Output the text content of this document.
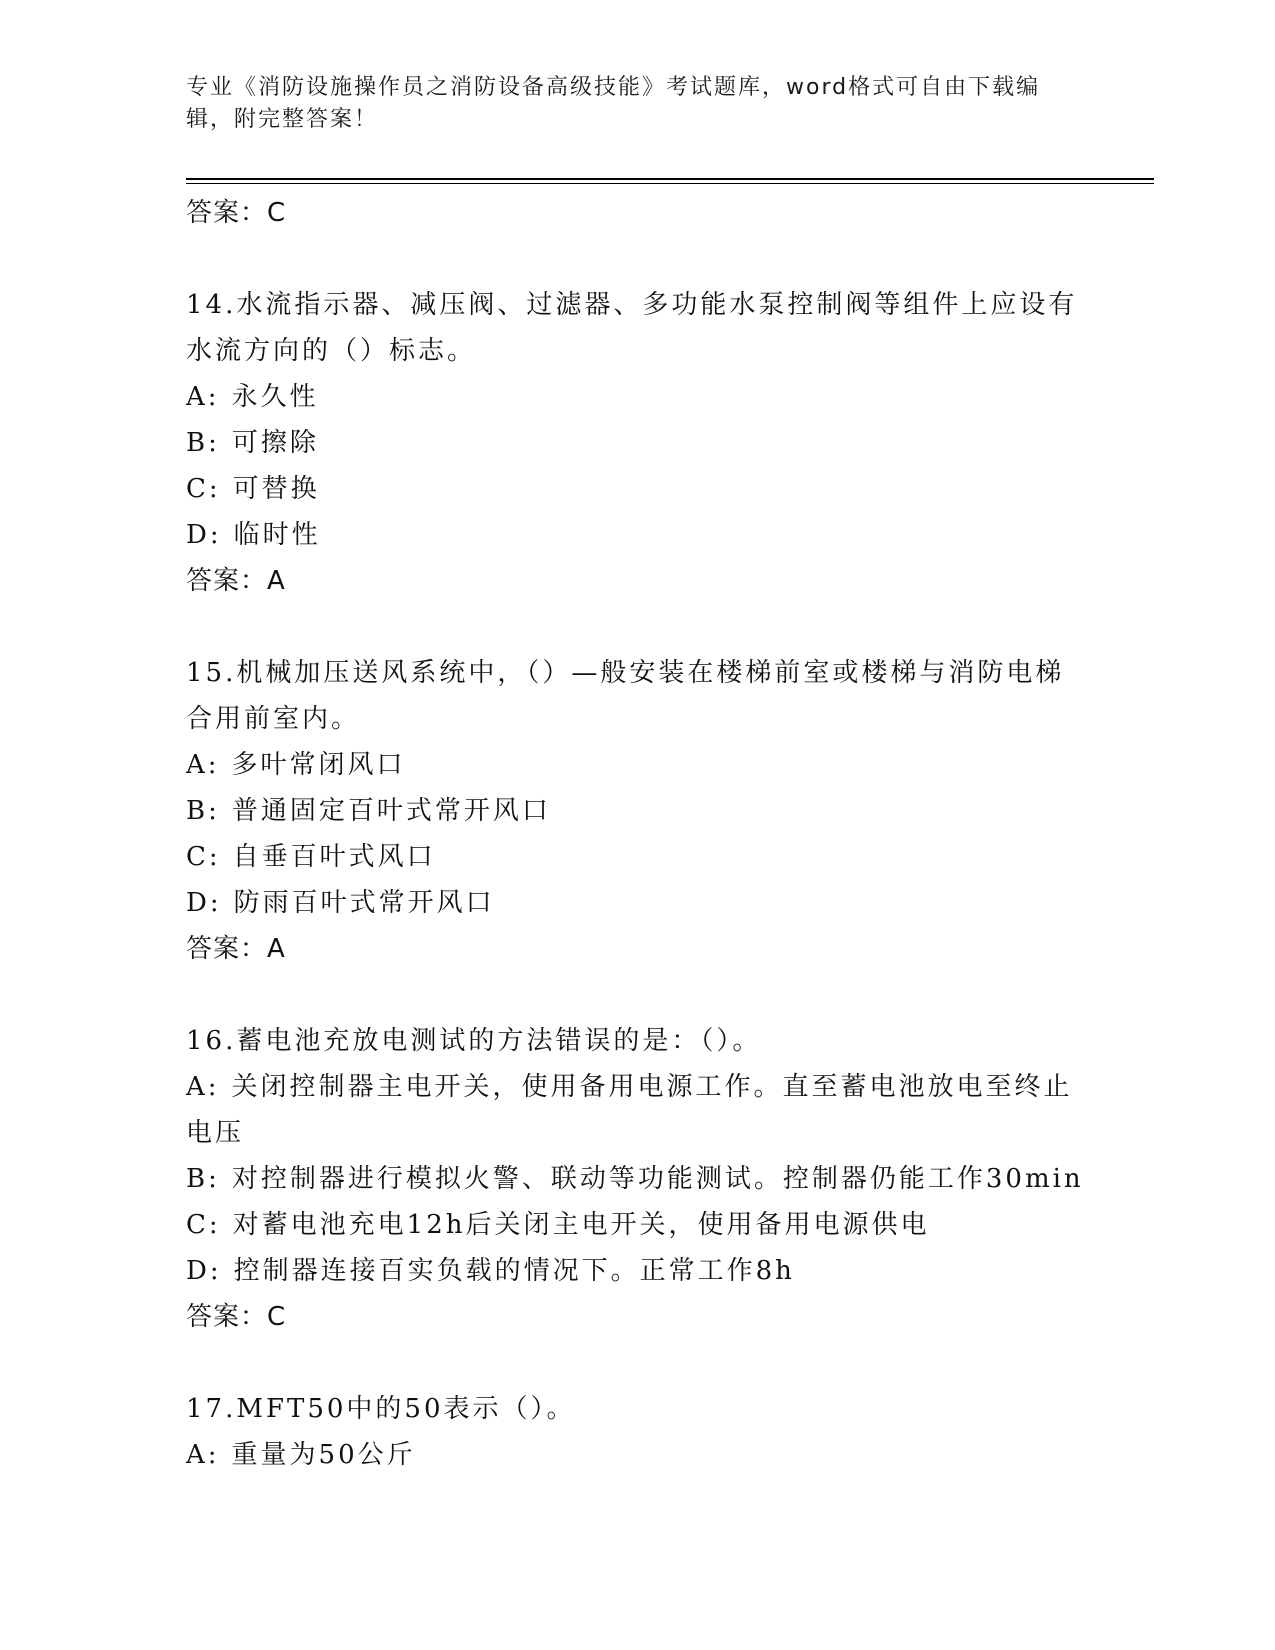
专业《消防设施操作员之消防设备高级技能》考试题库，word格式可自由下载编辑，附完整答案！
答案：C
14.水流指示器、减压阀、过滤器、多功能水泵控制阀等组件上应设有水流方向的（）标志。
A: 永久性
B: 可擦除
C: 可替换
D: 临时性
答案：A
15.机械加压送风系统中，（）—般安装在楼梯前室或楼梯与消防电梯合用前室内。
A: 多叶常闭风口
B: 普通固定百叶式常开风口
C: 自垂百叶式风口
D: 防雨百叶式常开风口
答案：A
16.蓄电池充放电测试的方法错误的是：（）。
A: 关闭控制器主电开关，使用备用电源工作。直至蓄电池放电至终止电压
B: 对控制器进行模拟火警、联动等功能测试。控制器仍能工作30min
C: 对蓄电池充电12h后关闭主电开关，使用备用电源供电
D: 控制器连接百实负载的情况下。正常工作8h
答案：C
17.MFT50中的50表示（）。
A: 重量为50公斤
